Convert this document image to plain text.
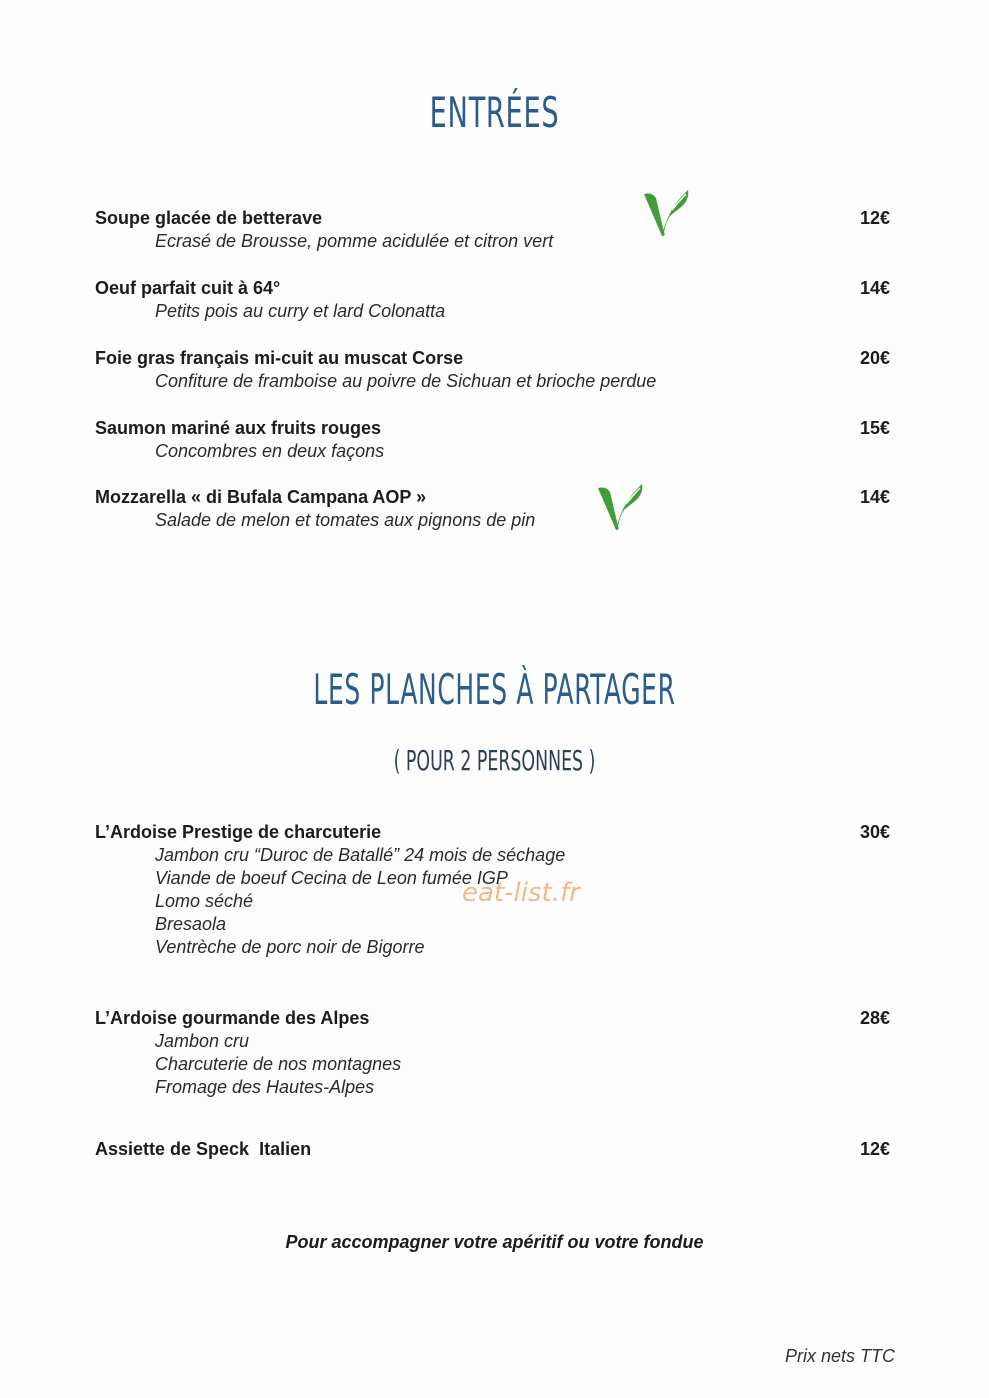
ENTRÉES
Soupe glacée de betterave	12€
Ecrasé de Brousse, pomme acidulée et citron vert
Oeuf parfait cuit à 64°	14€
Petits pois au curry et lard Colonatta
Foie gras français mi-cuit au muscat Corse	20€
Confiture de framboise au poivre de Sichuan et brioche perdue
Saumon mariné aux fruits rouges	15€
Concombres en deux façons
Mozzarella « di Bufala Campana AOP »	14€
Salade de melon et tomates aux pignons de pin
LES PLANCHES À PARTAGER
( POUR 2 PERSONNES )
L’Ardoise Prestige de charcuterie	30€
Jambon cru “Duroc de Batallé” 24 mois de séchage
Viande de boeuf Cecina de Leon fumée IGP
Lomo séché
Bresaola
Ventrèche de porc noir de Bigorre
eat-list.fr
L’Ardoise gourmande des Alpes	28€
Jambon cru
Charcuterie de nos montagnes
Fromage des Hautes-Alpes
Assiette de Speck  Italien	12€
Pour accompagner votre apéritif ou votre fondue
Prix nets TTC
